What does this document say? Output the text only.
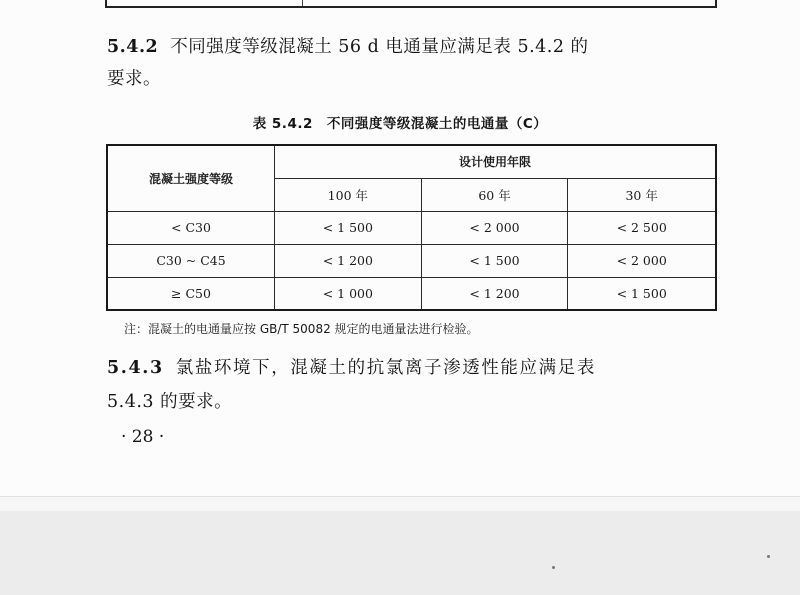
5.4.2 不同强度等级混凝土 56 d 电通量应满足表 5.4.2 的
要求。
表 5.4.2 不同强度等级混凝土的电通量（C）
混凝土强度等级	设计使用年限		
	100 年	60 年	30 年
< C30	< 1 500	< 2 000	< 2 500
C30 ~ C45	< 1 200	< 1 500	< 2 000
≥ C50	< 1 000	< 1 200	< 1 500
注：混凝土的电通量应按 GB/T 50082 规定的电通量法进行检验。
5.4.3 氯盐环境下，混凝土的抗氯离子渗透性能应满足表
5.4.3 的要求。
· 28 ·
